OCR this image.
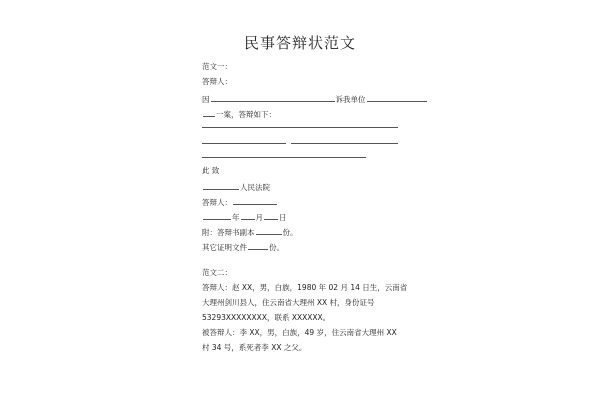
民事答辩状范文
范文一：
答辩人：
因	诉我单位
一案，答辩如下：
此 致
人民法院
答辩人：
年 月 日
附：答辩书副本	份。
其它证明文件	份。
范文二：
答辩人：赵 XX，男，白族，1980 年 02 月 14 日生，云南省
大理州剑川县人，住云南省大理州 XX 村，身份证号
53293XXXXXXXX，联系 XXXXXX。
被答辩人：李 XX，男，白族，49 岁，住云南省大理州 XX
村 34 号，系死者李 XX 之父。
